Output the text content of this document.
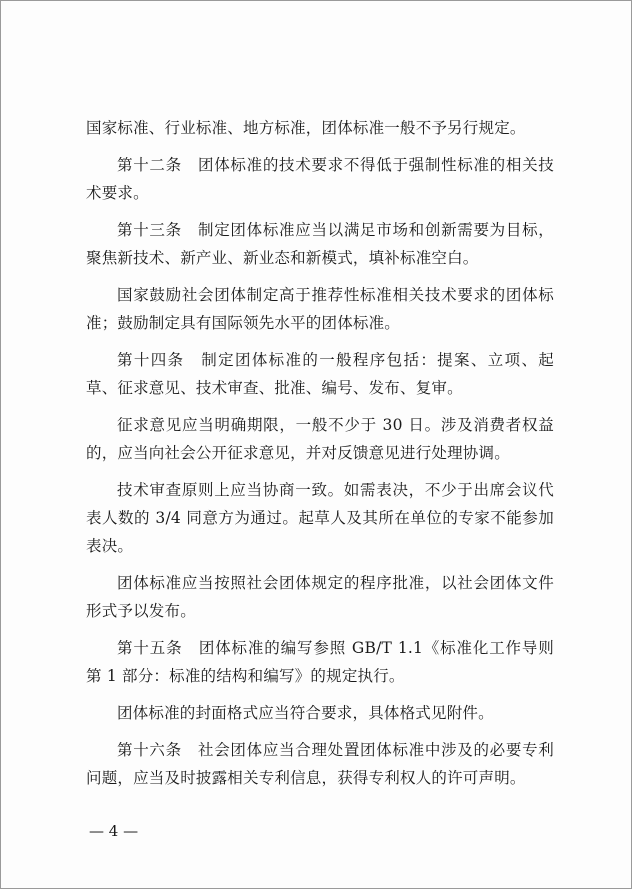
国家标准、行业标准、地方标准，团体标准一般不予另行规定。

第十二条　团体标准的技术要求不得低于强制性标准的相关技术要求。

第十三条　制定团体标准应当以满足市场和创新需要为目标，聚焦新技术、新产业、新业态和新模式，填补标准空白。

国家鼓励社会团体制定高于推荐性标准相关技术要求的团体标准；鼓励制定具有国际领先水平的团体标准。

第十四条　制定团体标准的一般程序包括：提案、立项、起草、征求意见、技术审查、批准、编号、发布、复审。

征求意见应当明确期限，一般不少于 30 日。涉及消费者权益的，应当向社会公开征求意见，并对反馈意见进行处理协调。

技术审查原则上应当协商一致。如需表决，不少于出席会议代表人数的 3/4 同意方为通过。起草人及其所在单位的专家不能参加表决。

团体标准应当按照社会团体规定的程序批准，以社会团体文件形式予以发布。

第十五条　团体标准的编写参照 GB/T 1.1《标准化工作导则　第 1 部分：标准的结构和编写》的规定执行。

团体标准的封面格式应当符合要求，具体格式见附件。

第十六条　社会团体应当合理处置团体标准中涉及的必要专利问题，应当及时披露相关专利信息，获得专利权人的许可声明。

— 4 —
